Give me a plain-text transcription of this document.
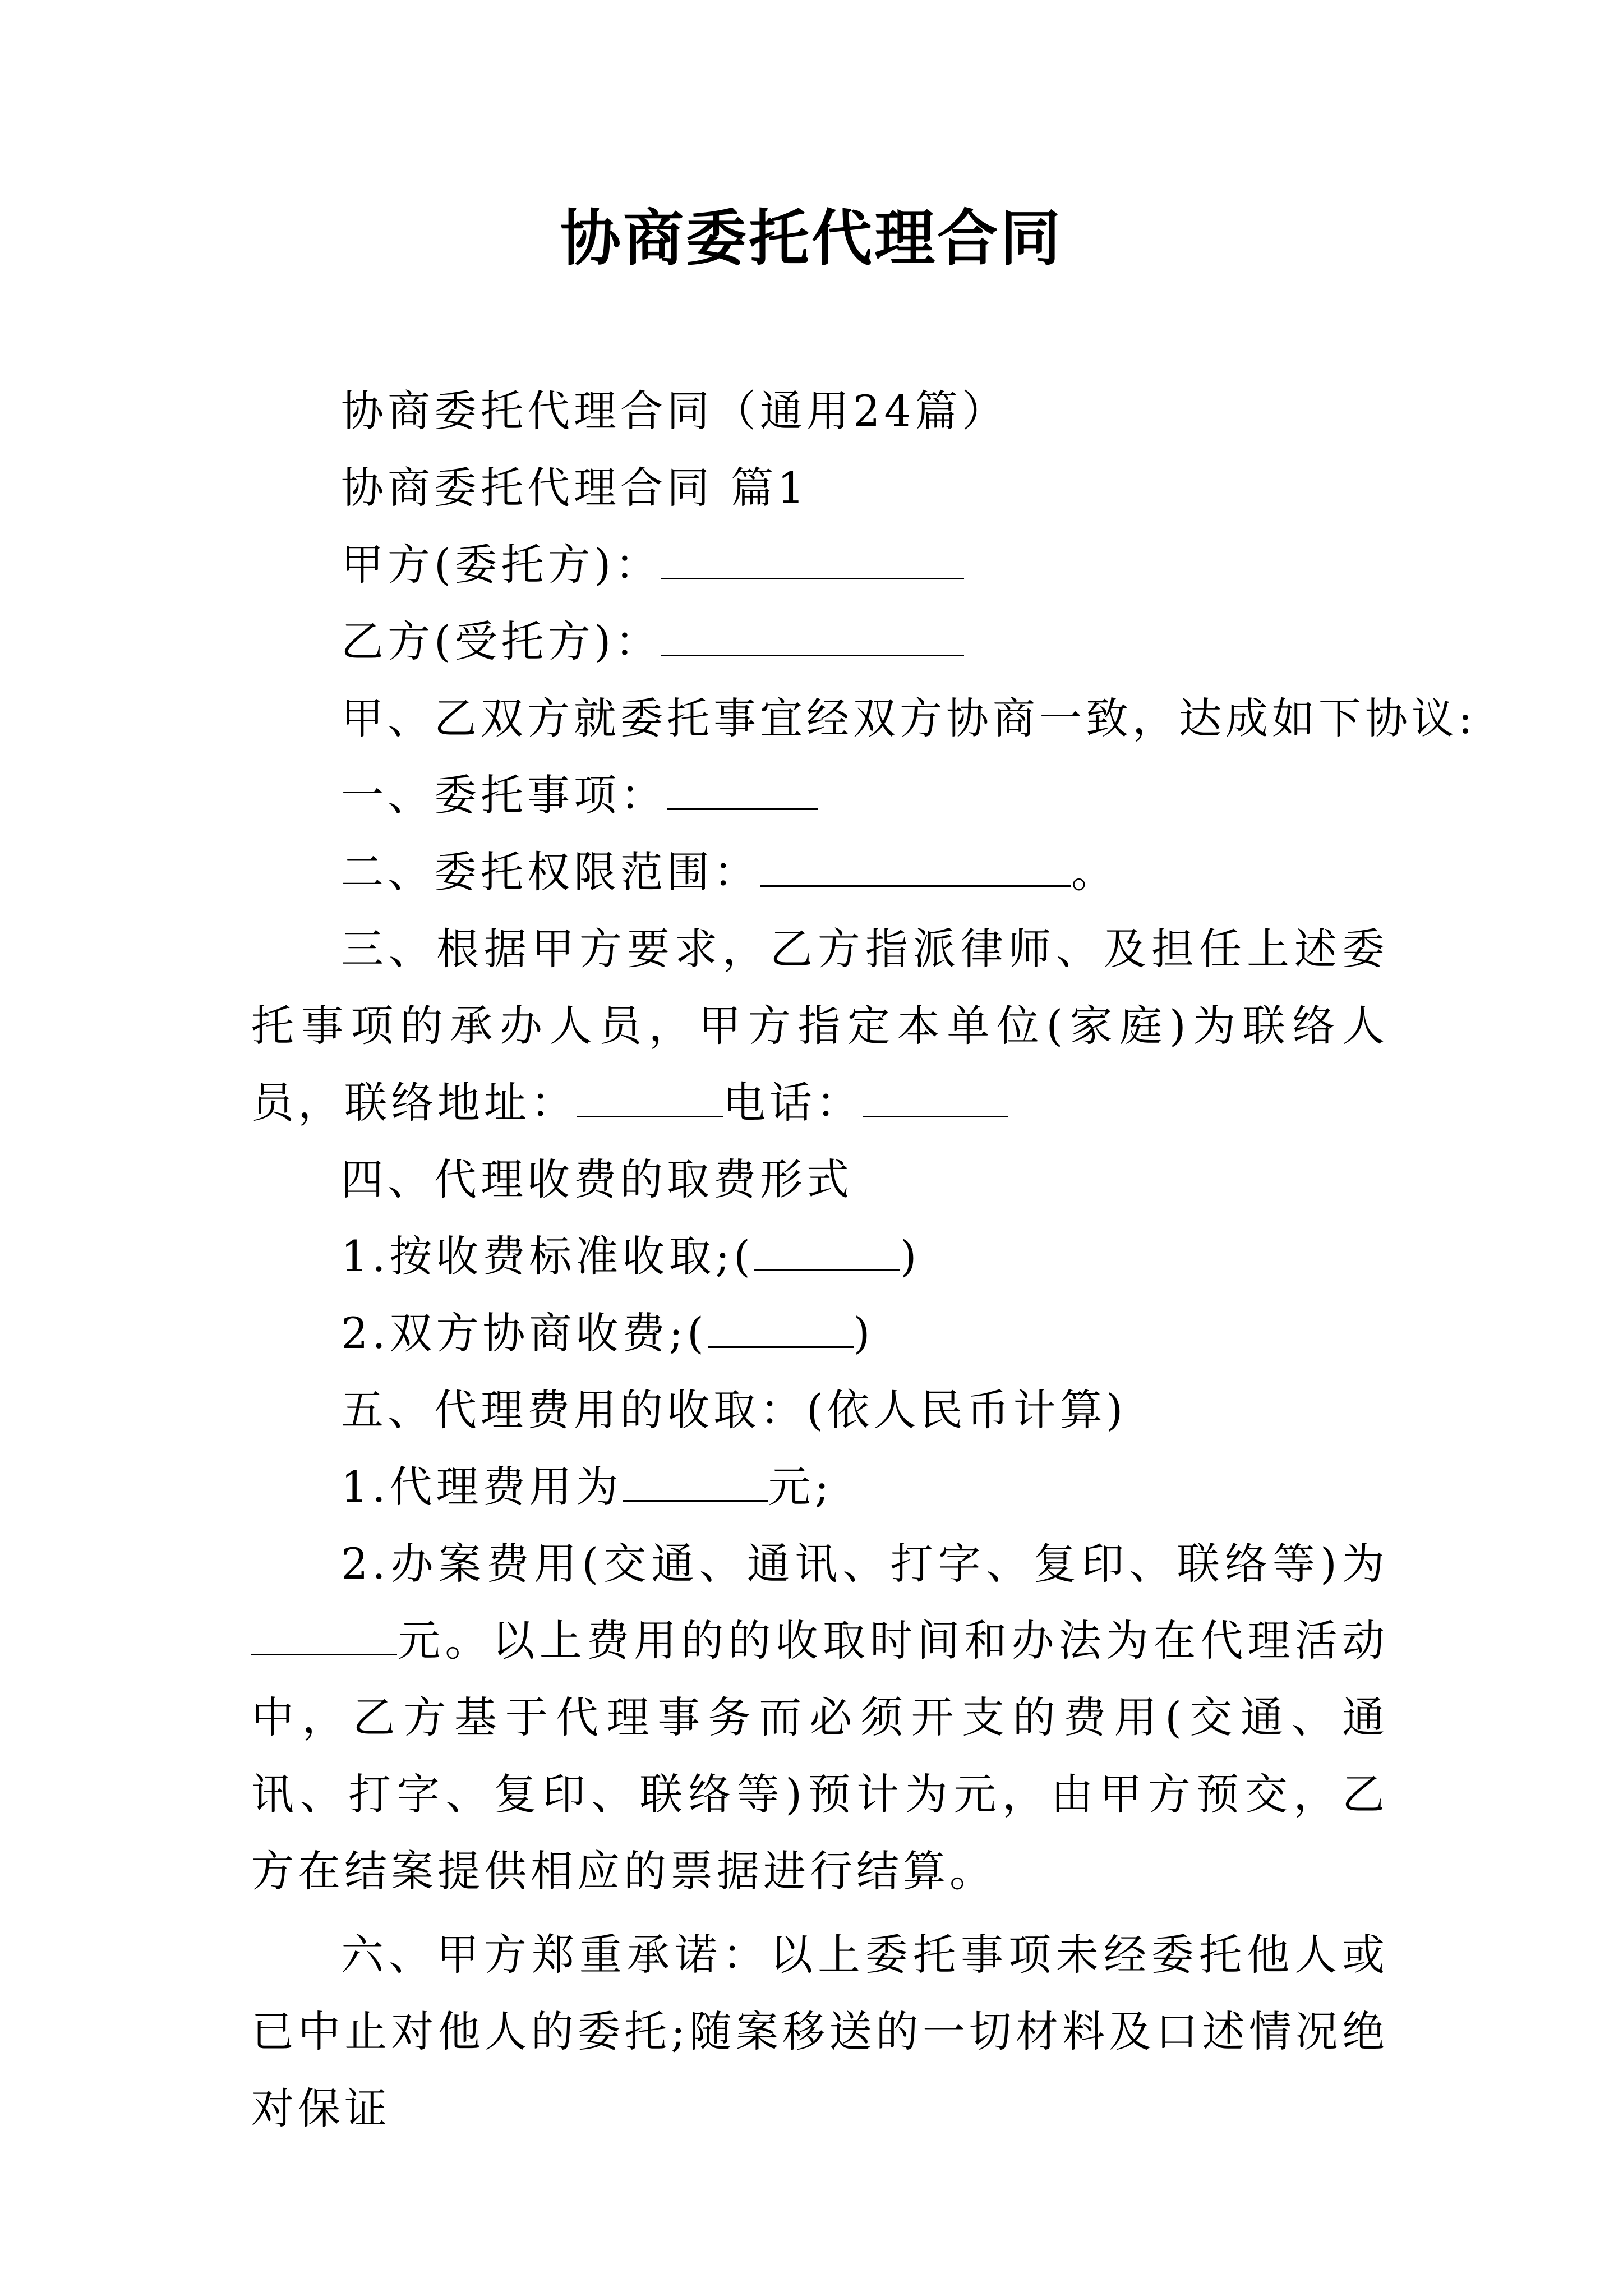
协商委托代理合同
协商委托代理合同（通用24篇）
协商委托代理合同 篇1
甲方(委托方)：
乙方(受托方)：
甲、乙双方就委托事宜经双方协商一致，达成如下协议:
一、委托事项：
二、委托权限范围：	。
三、根据甲方要求，乙方指派律师、及担任上述委托事项的承办人员，甲方指定本单位(家庭)为联络人员，联络地址：	电话：
四、代理收费的取费形式
1.按收费标准收取;(	)
2.双方协商收费;(	)
五、代理费用的收取：(依人民币计算)
1.代理费用为	元;
2.办案费用(交通、通讯、打字、复印、联络等)为元。以上费用的的收取时间和办法为在代理活动中，乙方基于代理事务而必须开支的费用(交通、通讯、打字、复印、联络等)预计为元，由甲方预交，乙方在结案提供相应的票据进行结算。
六、甲方郑重承诺：以上委托事项未经委托他人或已中止对他人的委托;随案移送的一切材料及口述情况绝对保证
